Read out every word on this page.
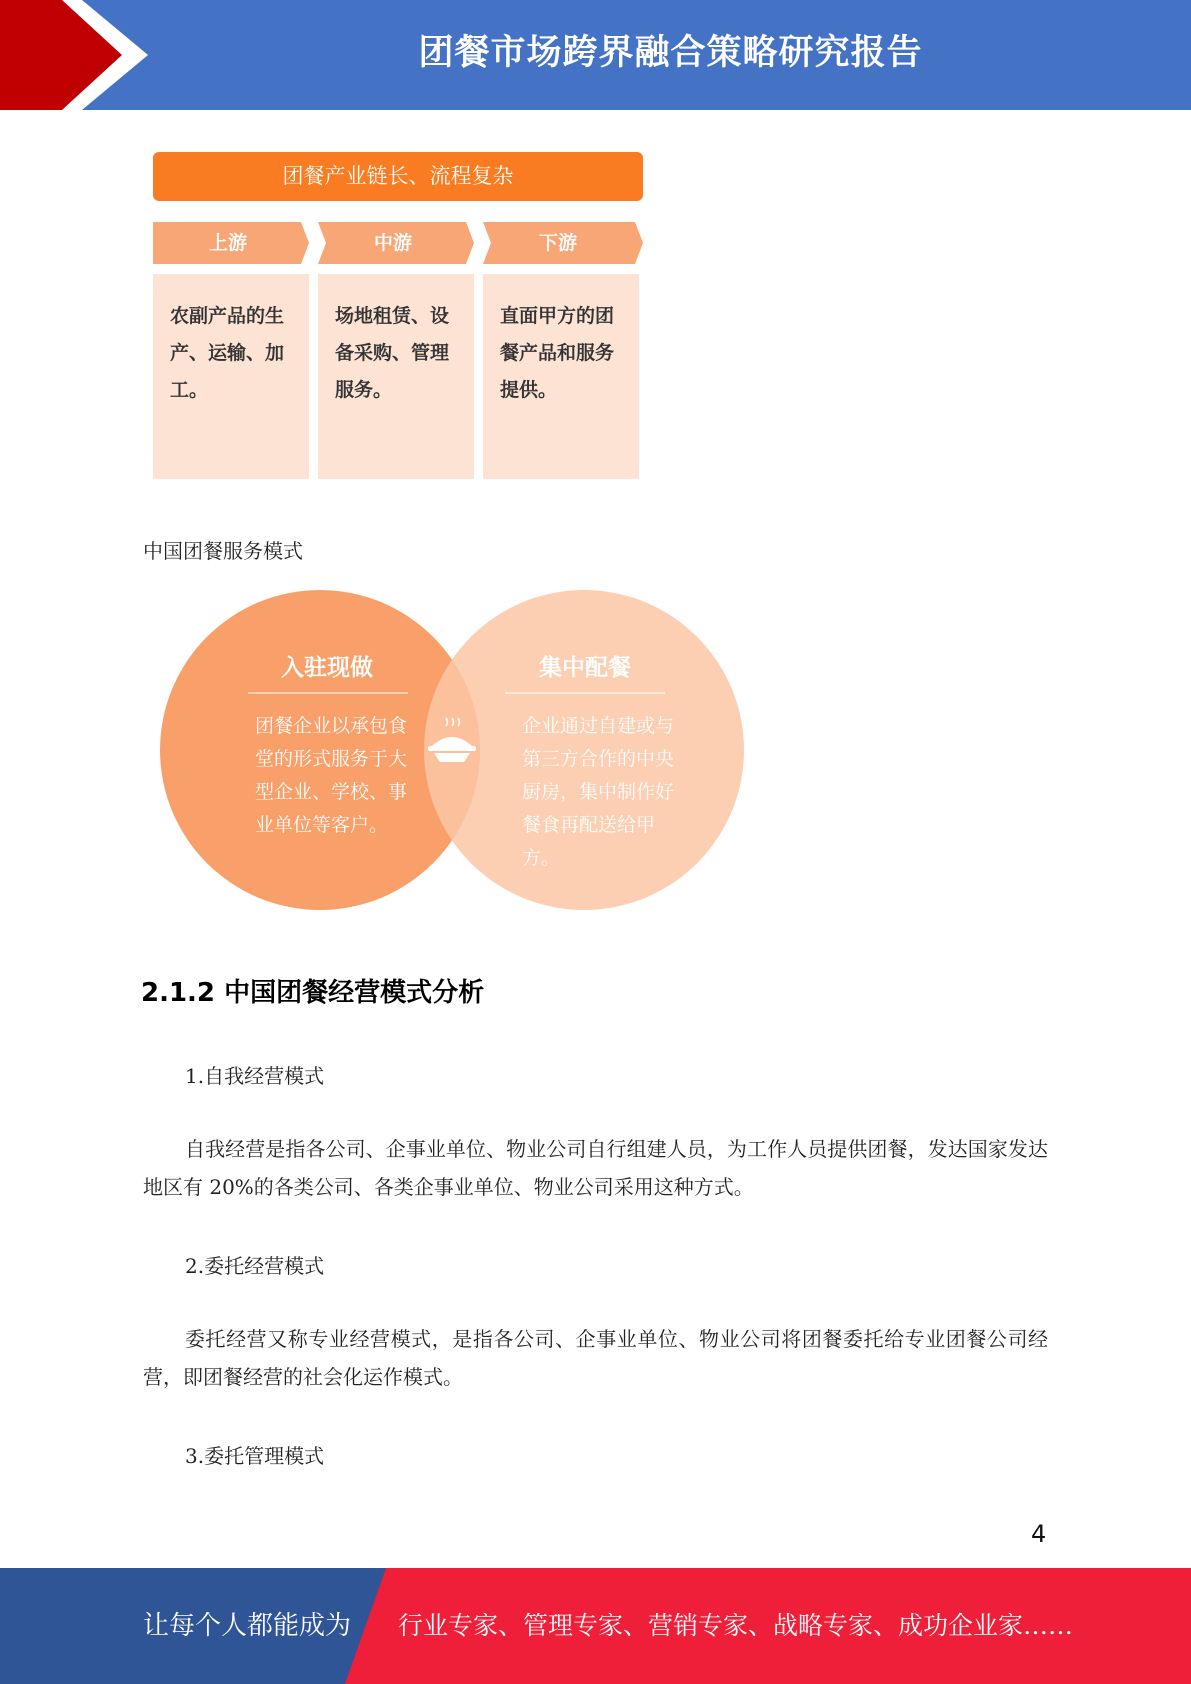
团餐市场跨界融合策略研究报告
团餐产业链长、流程复杂
上游	中游	下游
农副产品的生产、运输、加工。
场地租赁、设备采购、管理服务。
直面甲方的团餐产品和服务提供。
中国团餐服务模式
入驻现做
团餐企业以承包食堂的形式服务于大型企业、学校、事业单位等客户。
集中配餐
企业通过自建或与第三方合作的中央厨房，集中制作好餐食再配送给甲方。
2.1.2 中国团餐经营模式分析
1.自我经营模式
自我经营是指各公司、企事业单位、物业公司自行组建人员，为工作人员提供团餐，发达国家发达地区有 20%的各类公司、各类企事业单位、物业公司采用这种方式。
2.委托经营模式
委托经营又称专业经营模式，是指各公司、企事业单位、物业公司将团餐委托给专业团餐公司经营，即团餐经营的社会化运作模式。
3.委托管理模式
4
让每个人都能成为 行业专家、管理专家、营销专家、战略专家、成功企业家……
